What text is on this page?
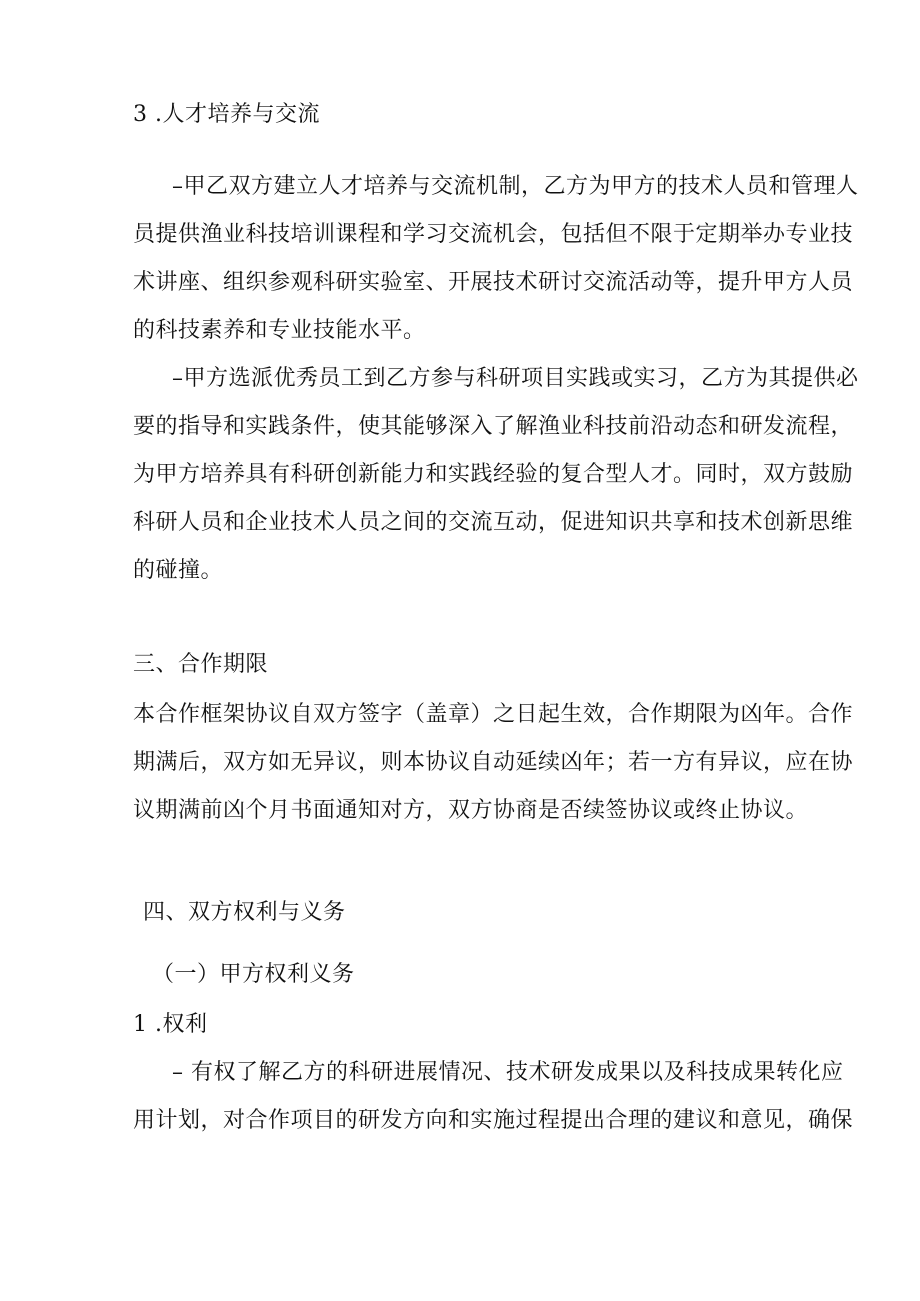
3 .人才培养与交流
–甲乙双方建立人才培养与交流机制，乙方为甲方的技术人员和管理人
员提供渔业科技培训课程和学习交流机会，包括但不限于定期举办专业技
术讲座、组织参观科研实验室、开展技术研讨交流活动等，提升甲方人员
的科技素养和专业技能水平。
–甲方选派优秀员工到乙方参与科研项目实践或实习，乙方为其提供必
要的指导和实践条件，使其能够深入了解渔业科技前沿动态和研发流程，
为甲方培养具有科研创新能力和实践经验的复合型人才。同时，双方鼓励
科研人员和企业技术人员之间的交流互动，促进知识共享和技术创新思维
的碰撞。
三、合作期限
本合作框架协议自双方签字（盖章）之日起生效，合作期限为凶年。合作
期满后，双方如无异议，则本协议自动延续凶年；若一方有异议，应在协
议期满前凶个月书面通知对方，双方协商是否续签协议或终止协议。
四、双方权利与义务
（一）甲方权利义务
1 .权利
– 有权了解乙方的科研进展情况、技术研发成果以及科技成果转化应
用计划，对合作项目的研发方向和实施过程提出合理的建议和意见，确保
